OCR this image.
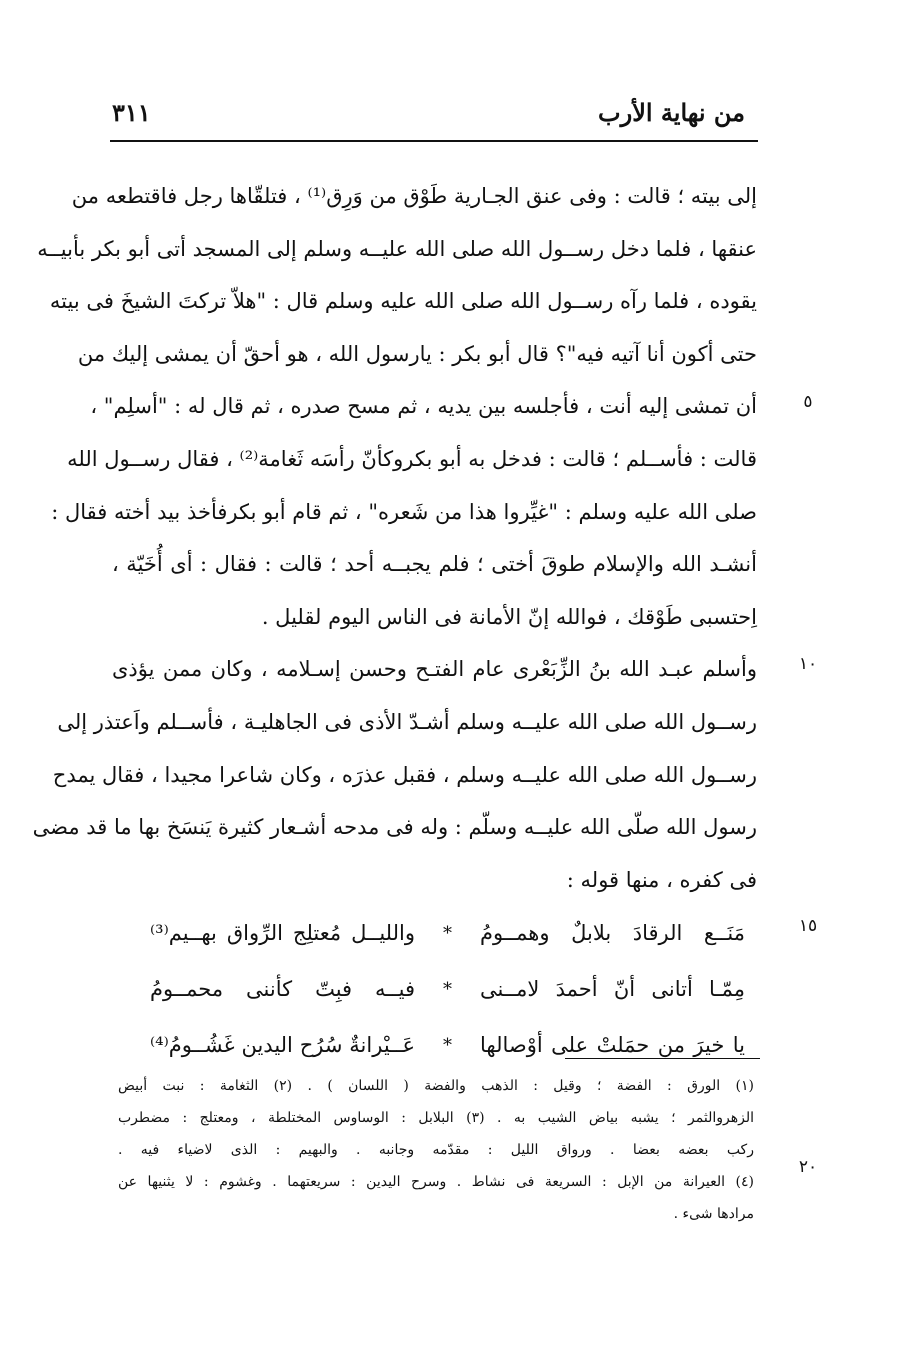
من نهاية الأرب
٣١١
إلى بيته ؛ قالت : وفى عنق الجـارية طَوْق من وَرِق⁽¹⁾ ، فتلقّاها رجل فاقتطعه من
عنقها ، فلما دخل رســول الله صلى الله عليــه وسلم إلى المسجد أتى أبو بكر بأبيــه
يقوده ، فلما رآه رســول الله صلى الله عليه وسلم قال : "هلاّ تركتَ الشيخَ فى بيته
حتى أكون أنا آتيه فيه"؟ قال أبو بكر : يارسول الله ، هو أحقّ أن يمشى إليك من
أن تمشى إليه أنت ، فأجلسه بين يديه ، ثم مسح صدره ، ثم قال له : "أسلِم" ،
قالت : فأســلم ؛ قالت : فدخل به أبو بكروكأنّ رأسَه ثَغامة⁽²⁾ ، فقال رســول الله
صلى الله عليه وسلم : "غيِّروا هذا من شَعره" ، ثم قام أبو بكرفأخذ بيد أخته فقال :
أنشـد الله والإسلام طوقَ أختى ؛ فلم يجبــه أحد ؛ قالت : فقال : أى أُخَيّة ،
اِحتسبى طَوْقك ، فوالله إنّ الأمانة فى الناس اليوم لقليل .
وأسلم عبـد الله بنُ الزِّبَعْرى عام الفتـح وحسن إسـلامه ، وكان ممن يؤذى
رســول الله صلى الله عليــه وسلم أشـدّ الأذى فى الجاهليـة ، فأســلم واَعتذر إلى
رســول الله صلى الله عليــه وسلم ، فقبل عذرَه ، وكان شاعرا مجيدا ، فقال يمدح
رسول الله صلّى الله عليــه وسلّم : وله فى مدحه أشـعار كثيرة يَنسَخ بها ما قد مضى
فى كفره ، منها قوله :
٥
١٠
١٥
٢٠
مَنَــع الرقادَ بلابلٌ وهمــومُ
*
والليــل مُعتلِج الرِّواق بهــيم⁽³⁾
مِمّـا أتانى أنّ أحمدَ لامــنى
*
فيــه فبِتّ كأننى محمــومُ
يا خيرَ من حمَلتْ على أوْصالها
*
عَــيْرانةٌ سُرُح اليدين غَشُــومُ⁽⁴⁾
(١) الورق : الفضة ؛ وقيل : الذهب والفضة ( اللسان ) . (٢) الثغامة : نبت أبيض
الزهروالثمر ؛ يشبه بياض الشيب به . (٣) البلابل : الوساوس المختلطة ، ومعتلج : مضطرب
ركب بعضه بعضا . ورواق الليل : مقدّمه وجانبه . والبهيم : الذى لاضياء فيه .
(٤) العيرانة من الإبل : السريعة فى نشاط . وسرح اليدين : سريعتهما . وغشوم : لا يثنيها عن
مرادها شىء .
